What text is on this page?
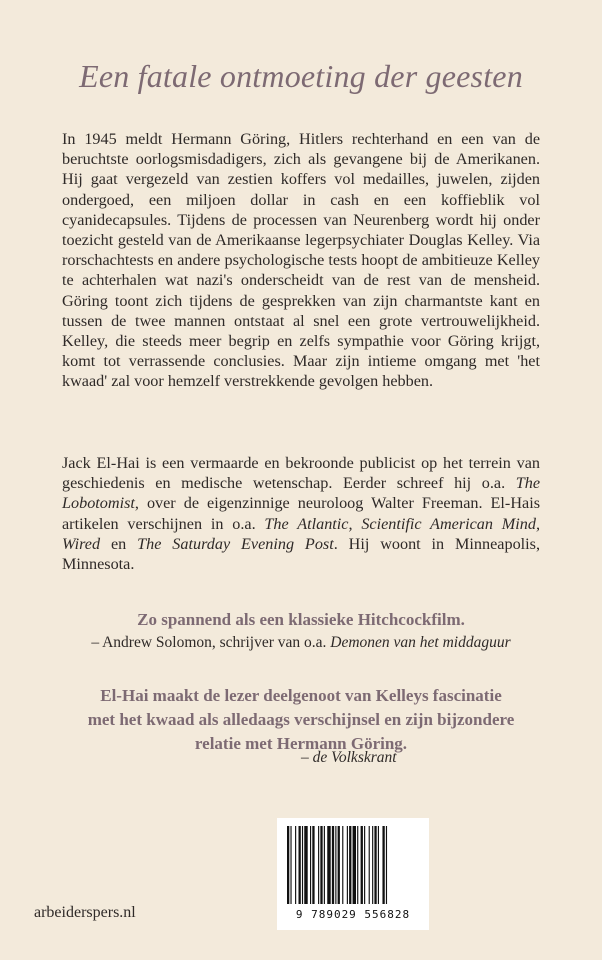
Een fatale ontmoeting der geesten

In 1945 meldt Hermann Göring, Hitlers rechterhand en een van de beruchtste oorlogsmisdadigers, zich als gevangene bij de Amerikanen. Hij gaat vergezeld van zestien koffers vol medailles, juwelen, zijden ondergoed, een miljoen dollar in cash en een koffieblik vol cyanidecapsules. Tijdens de processen van Neurenberg wordt hij onder toezicht gesteld van de Amerikaanse legerpsychiater Douglas Kelley. Via rorschachtests en andere psychologische tests hoopt de ambitieuze Kelley te achterhalen wat nazi's onderscheidt van de rest van de mensheid. Göring toont zich tijdens de gesprekken van zijn charmantste kant en tussen de twee mannen ontstaat al snel een grote vertrouwelijkheid. Kelley, die steeds meer begrip en zelfs sympathie voor Göring krijgt, komt tot verrassende conclusies. Maar zijn intieme omgang met 'het kwaad' zal voor hemzelf verstrekkende gevolgen hebben.

Jack El-Hai is een vermaarde en bekroonde publicist op het terrein van geschiedenis en medische wetenschap. Eerder schreef hij o.a. The Lobotomist, over de eigenzinnige neuroloog Walter Freeman. El-Hais artikelen verschijnen in o.a. The Atlantic, Scientific American Mind, Wired en The Saturday Evening Post. Hij woont in Minneapolis, Minnesota.
Zo spannend als een klassieke Hitchcockfilm.
– Andrew Solomon, schrijver van o.a. Demonen van het middaguur
El-Hai maakt de lezer deelgenoot van Kelleys fascinatie
met het kwaad als alledaags verschijnsel en zijn bijzondere
relatie met Hermann Göring.
– de Volkskrant
arbeiderspers.nl	9 789029 556828
